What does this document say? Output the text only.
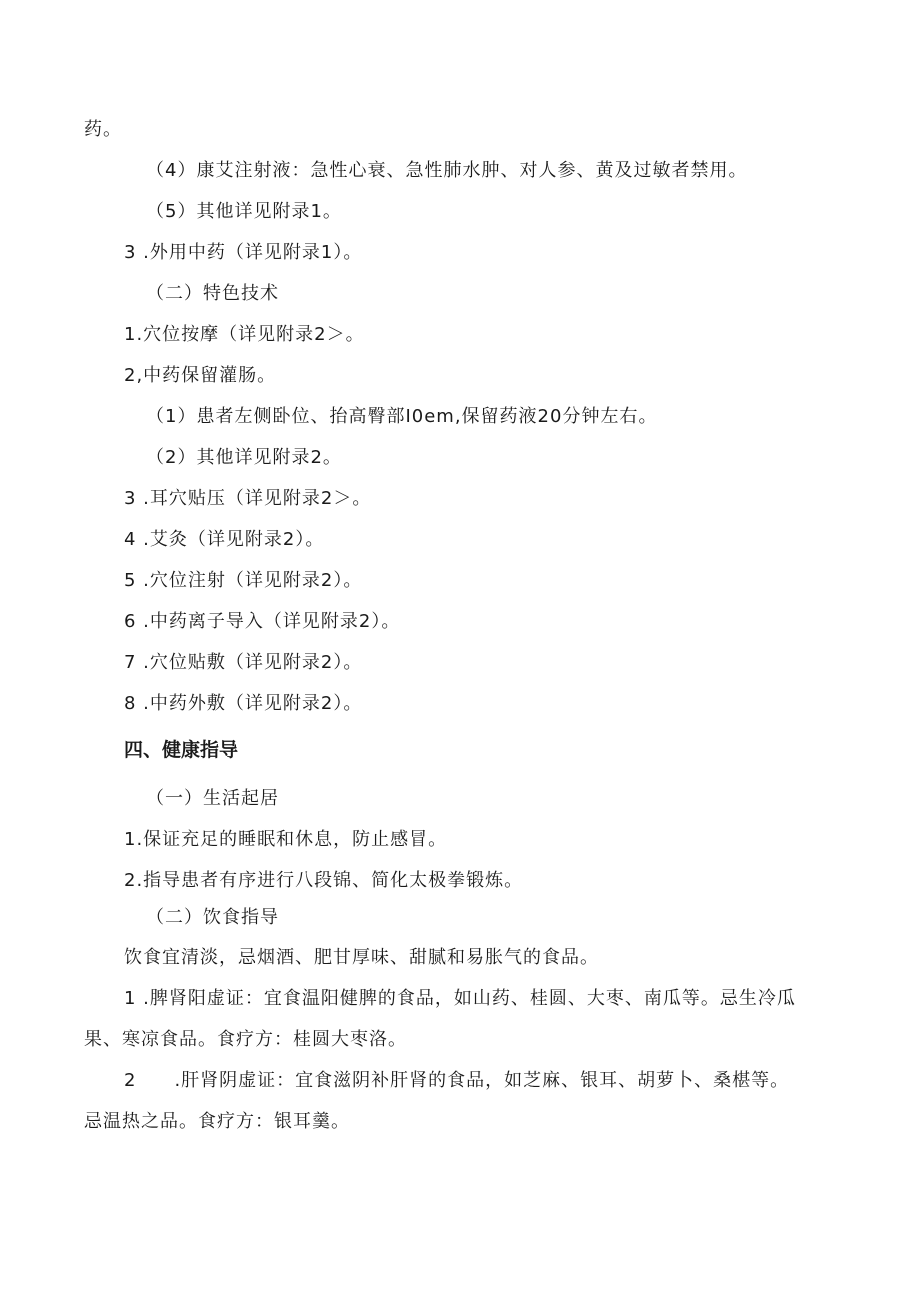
药。
（4）康艾注射液：急性心衰、急性肺水肿、对人参、黄及过敏者禁用。
（5）其他详见附录1。
3 .外用中药（详见附录1）。
（二）特色技术
1.穴位按摩（详见附录2＞。
2,中药保留灌肠。
（1）患者左侧卧位、抬高臀部I0em,保留药液20分钟左右。
（2）其他详见附录2。
3 .耳穴贴压（详见附录2＞。
4 .艾灸（详见附录2）。
5 .穴位注射（详见附录2）。
6 .中药离子导入（详见附录2）。
7 .穴位贴敷（详见附录2）。
8 .中药外敷（详见附录2）。
四、健康指导
（一）生活起居
1.保证充足的睡眠和休息，防止感冒。
2.指导患者有序进行八段锦、简化太极拳锻炼。
（二）饮食指导
饮食宜清淡，忌烟酒、肥甘厚味、甜腻和易胀气的食品。
1 .脾肾阳虚证：宜食温阳健脾的食品，如山药、桂圆、大枣、南瓜等。忌生冷瓜
果、寒凉食品。食疗方：桂圆大枣洛。
2　　.肝肾阴虚证：宜食滋阴补肝肾的食品，如芝麻、银耳、胡萝卜、桑椹等。
忌温热之品。食疗方：银耳羹。
